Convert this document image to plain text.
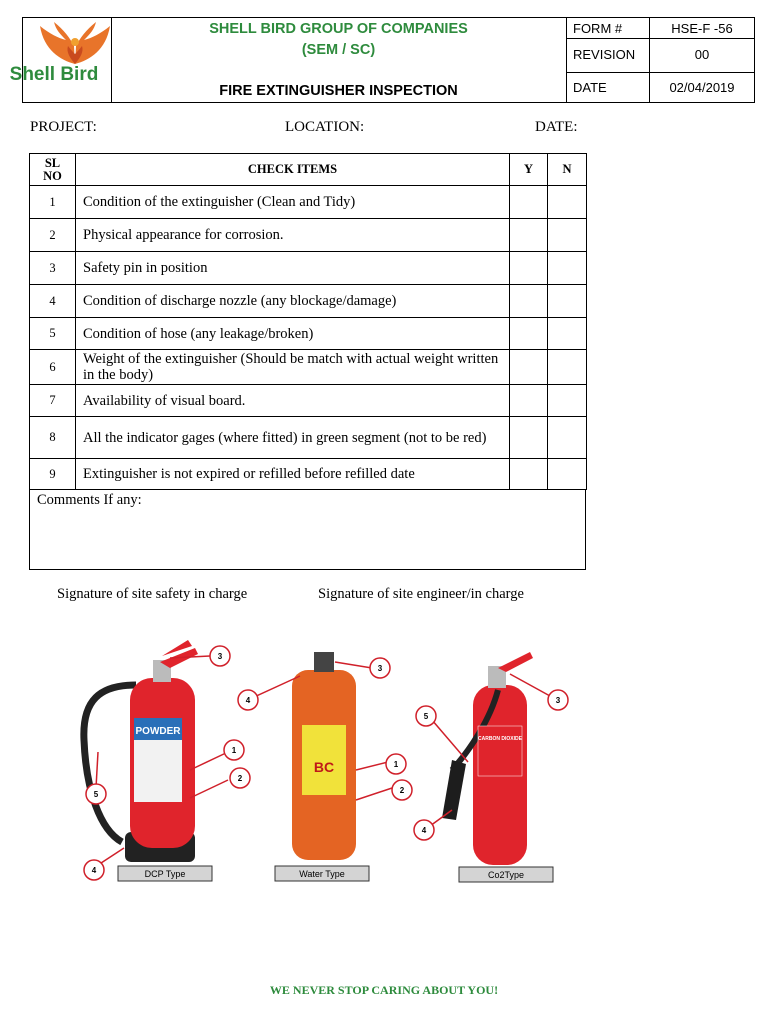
Shell Bird
SHELL BIRD GROUP OF COMPANIES
(SEM / SC)
FIRE EXTINGUISHER INSPECTION
FORM #	HSE-F -56
REVISION	00
DATE	02/04/2019
PROJECT:	LOCATION:	DATE:
SL
NO	CHECK ITEMS	Y	N
1	Condition of the extinguisher (Clean and Tidy)		
2	Physical appearance for corrosion.		
3	Safety pin in position		
4	Condition of discharge nozzle (any blockage/damage)		
5	Condition of hose (any leakage/broken)		
6	Weight of the extinguisher (Should be match with actual weight written in the body)		
7	Availability of visual board.		
8	All the indicator gages (where fitted) in green segment (not to be red)		
9	Extinguisher is not expired or refilled before refilled date		
Comments If any:
Signature of site safety in charge	Signature of site engineer/in charge
POWDER
BC
CARBON DIOXIDE
3
1
2
5
4
3
4
1
2
3
5
4
DCP Type	Water Type	Co2Type
WE NEVER STOP CARING ABOUT YOU!
